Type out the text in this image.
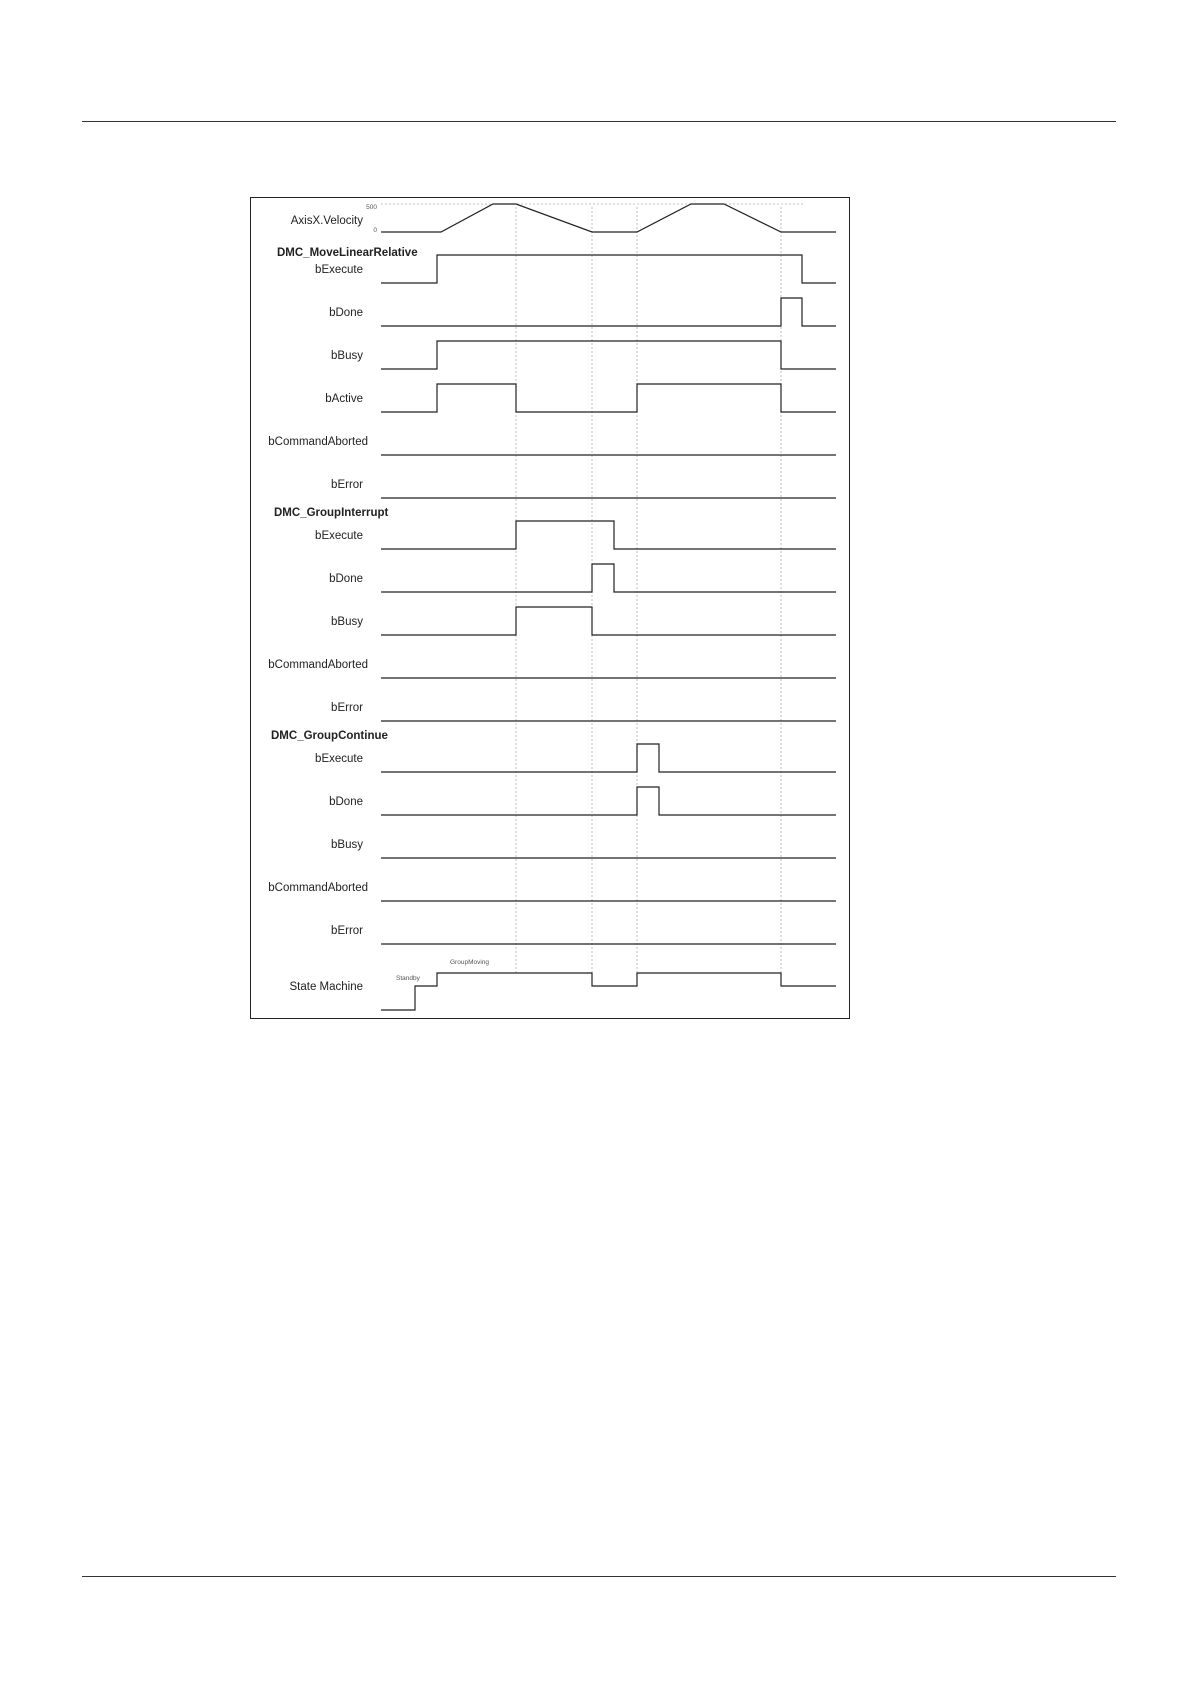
AxisX.Velocity
500
0
DMC_MoveLinearRelative
bExecute
bDone
bBusy
bActive
bCommandAborted
bError
DMC_GroupInterrupt
bExecute
bDone
bBusy
bCommandAborted
bError
DMC_GroupContinue
bExecute
bDone
bBusy
bCommandAborted
bError
State Machine
Standby
GroupMoving
